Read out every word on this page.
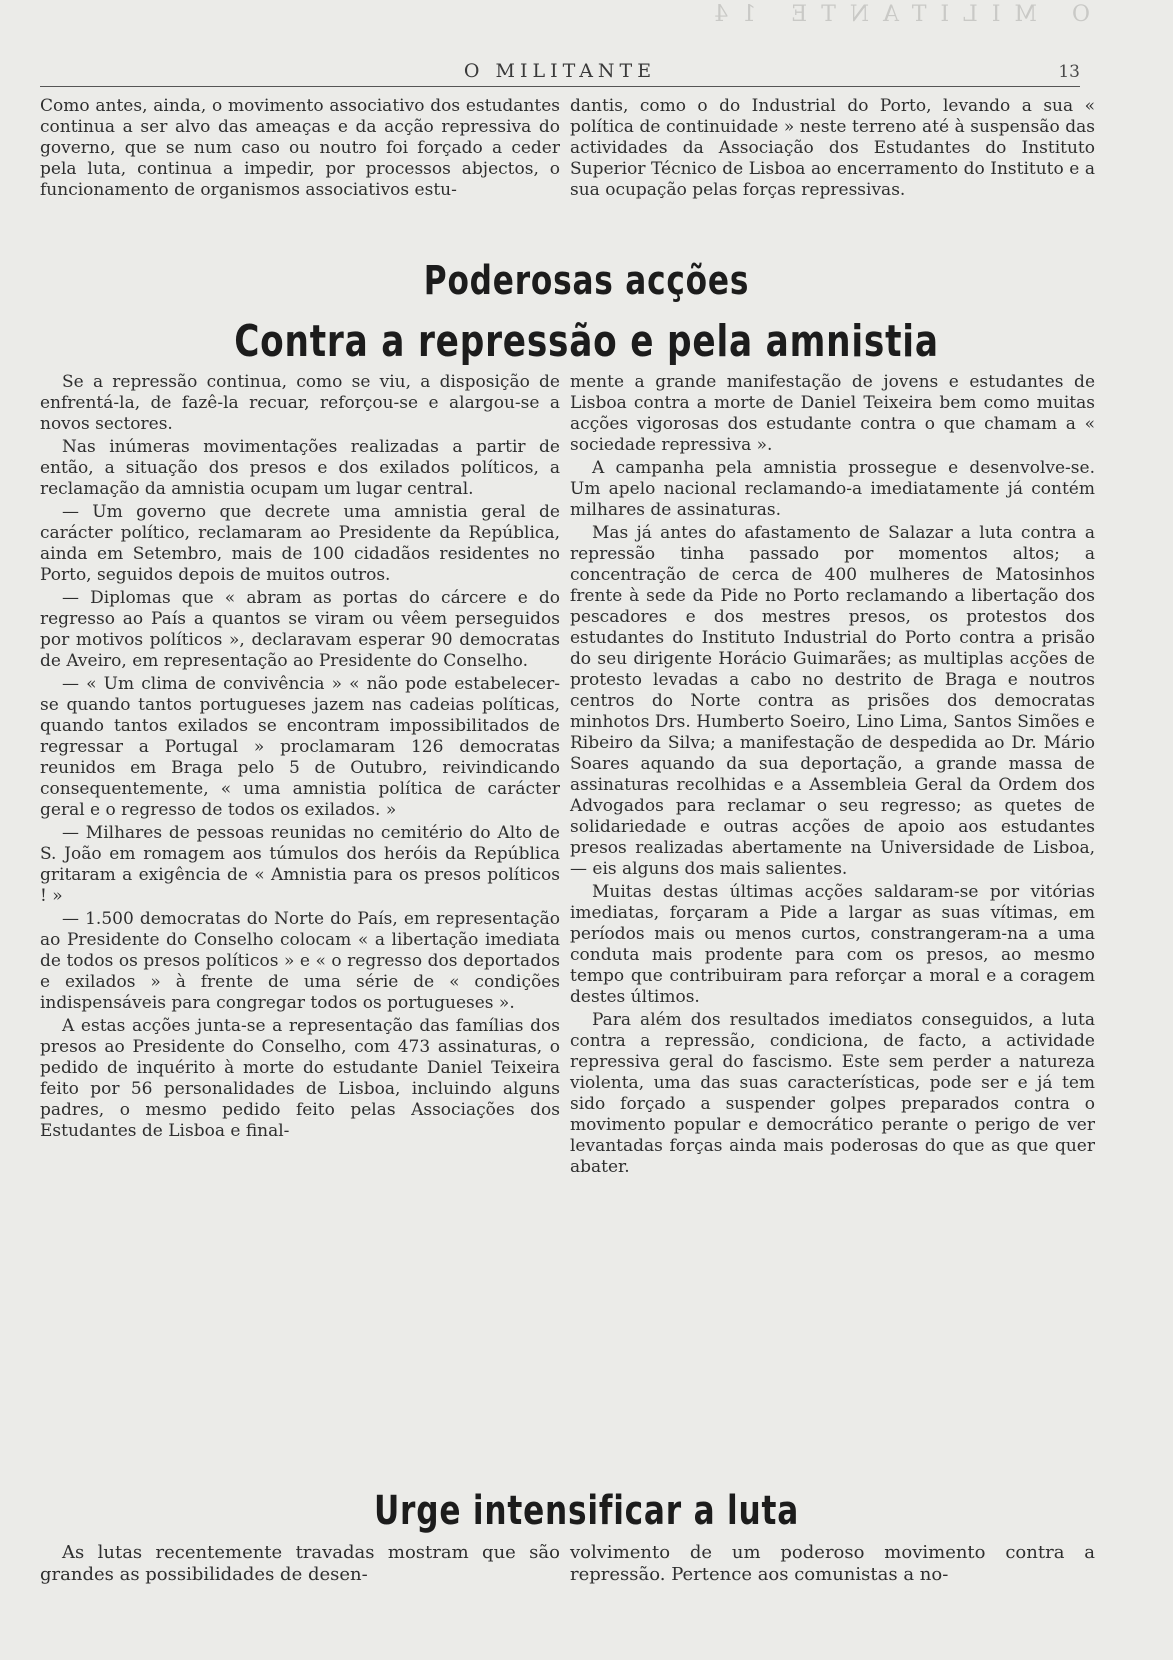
O MILITANTE 14
O MILITANTE	13

Como antes, ainda, o movimento associativo dos estudantes continua a ser alvo das ameaças e da acção repressiva do governo, que se num caso ou noutro foi forçado a ceder pela luta, continua a impedir, por processos abjectos, o funcionamento de organismos associativos estu-

dantis, como o do Industrial do Porto, levando a sua « política de continuidade » neste terreno até à suspensão das actividades da Associação dos Estudantes do Instituto Superior Técnico de Lisboa ao encerramento do Instituto e a sua ocupação pelas forças repressivas.

Poderosas acções
Contra a repressão e pela amnistia

Se a repressão continua, como se viu, a disposição de enfrentá-la, de fazê-la recuar, reforçou-se e alargou-se a novos sectores.

Nas inúmeras movimentações realizadas a partir de então, a situação dos presos e dos exilados políticos, a reclamação da amnistia ocupam um lugar central.

— Um governo que decrete uma amnistia geral de carácter político, reclamaram ao Presidente da República, ainda em Setembro, mais de 100 cidadãos residentes no Porto, seguidos depois de muitos outros.

— Diplomas que « abram as portas do cárcere e do regresso ao País a quantos se viram ou vêem perseguidos por motivos políticos », declaravam esperar 90 democratas de Aveiro, em representação ao Presidente do Conselho.

— « Um clima de convivência » « não pode estabelecer-se quando tantos portugueses jazem nas cadeias políticas, quando tantos exilados se encontram impossibilitados de regressar a Portugal » proclamaram 126 democratas reunidos em Braga pelo 5 de Outubro, reivindicando consequentemente, « uma amnistia política de carácter geral e o regresso de todos os exilados. »

— Milhares de pessoas reunidas no cemitério do Alto de S. João em romagem aos túmulos dos heróis da República gritaram a exigência de « Amnistia para os presos políticos ! »

— 1.500 democratas do Norte do País, em representação ao Presidente do Conselho colocam « a libertação imediata de todos os presos políticos » e « o regresso dos deportados e exilados » à frente de uma série de « condições indispensáveis para congregar todos os portugueses ».

A estas acções junta-se a representação das famílias dos presos ao Presidente do Conselho, com 473 assinaturas, o pedido de inquérito à morte do estudante Daniel Teixeira feito por 56 personalidades de Lisboa, incluindo alguns padres, o mesmo pedido feito pelas Associações dos Estudantes de Lisboa e final-

mente a grande manifestação de jovens e estudantes de Lisboa contra a morte de Daniel Teixeira bem como muitas acções vigorosas dos estudante contra o que chamam a « sociedade repressiva ».

A campanha pela amnistia prossegue e desenvolve-se. Um apelo nacional reclamando-a imediatamente já contém milhares de assinaturas.

Mas já antes do afastamento de Salazar a luta contra a repressão tinha passado por momentos altos; a concentração de cerca de 400 mulheres de Matosinhos frente à sede da Pide no Porto reclamando a libertação dos pescadores e dos mestres presos, os protestos dos estudantes do Instituto Industrial do Porto contra a prisão do seu dirigente Horácio Guimarães; as multiplas acções de protesto levadas a cabo no destrito de Braga e noutros centros do Norte contra as prisões dos democratas minhotos Drs. Humberto Soeiro, Lino Lima, Santos Simões e Ribeiro da Silva; a manifestação de despedida ao Dr. Mário Soares aquando da sua deportação, a grande massa de assinaturas recolhidas e a Assembleia Geral da Ordem dos Advogados para reclamar o seu regresso; as quetes de solidariedade e outras acções de apoio aos estudantes presos realizadas abertamente na Universidade de Lisboa, — eis alguns dos mais salientes.

Muitas destas últimas acções saldaram-se por vitórias imediatas, forçaram a Pide a largar as suas vítimas, em períodos mais ou menos curtos, constrangeram-na a uma conduta mais prodente para com os presos, ao mesmo tempo que contribuiram para reforçar a moral e a coragem destes últimos.

Para além dos resultados imediatos conseguidos, a luta contra a repressão, condiciona, de facto, a actividade repressiva geral do fascismo. Este sem perder a natureza violenta, uma das suas características, pode ser e já tem sido forçado a suspender golpes preparados contra o movimento popular e democrático perante o perigo de ver levantadas forças ainda mais poderosas do que as que quer abater.

Urge intensificar a luta

As lutas recentemente travadas mostram que são grandes as possibilidades de desen-

volvimento de um poderoso movimento contra a repressão. Pertence aos comunistas a no-
